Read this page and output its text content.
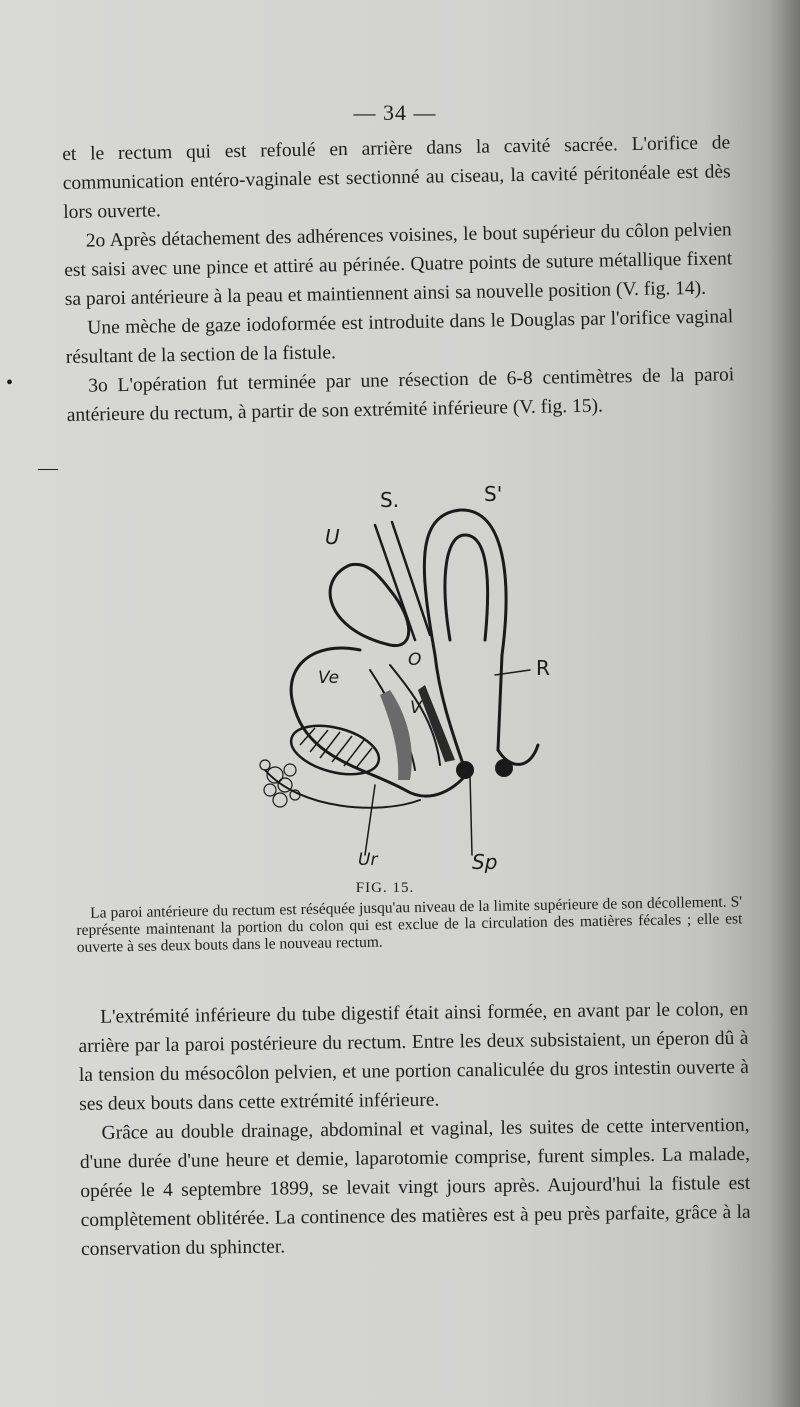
— 34 —
•
—

et le rectum qui est refoulé en arrière dans la cavité sacrée. L'orifice de communication entéro-vaginale est sectionné au ciseau, la cavité péritonéale est dès lors ouverte.

2o Après détachement des adhérences voisines, le bout supérieur du côlon pelvien est saisi avec une pince et attiré au périnée. Quatre points de suture métallique fixent sa paroi antérieure à la peau et maintiennent ainsi sa nouvelle position (V. fig. 14).

Une mèche de gaze iodoformée est introduite dans le Douglas par l'orifice vaginal résultant de la section de la fistule.

3o L'opération fut terminée par une résection de 6-8 centimètres de la paroi antérieure du rectum, à partir de son extrémité inférieure (V. fig. 15).

S.	S'
U
O	R
Ve
V
Ur	Sp
FIG. 15.

La paroi antérieure du rectum est réséquée jusqu'au niveau de la limite supérieure de son décollement. S' représente maintenant la portion du colon qui est exclue de la circulation des matières fécales ; elle est ouverte à ses deux bouts dans le nouveau rectum.

L'extrémité inférieure du tube digestif était ainsi formée, en avant par le colon, en arrière par la paroi postérieure du rectum. Entre les deux subsistaient, un éperon dû à la tension du mésocôlon pelvien, et une portion canaliculée du gros intestin ouverte à ses deux bouts dans cette extrémité inférieure.

Grâce au double drainage, abdominal et vaginal, les suites de cette intervention, d'une durée d'une heure et demie, laparotomie comprise, furent simples. La malade, opérée le 4 septembre 1899, se levait vingt jours après. Aujourd'hui la fistule est complètement oblitérée. La continence des matières est à peu près parfaite, grâce à la conservation du sphincter.
